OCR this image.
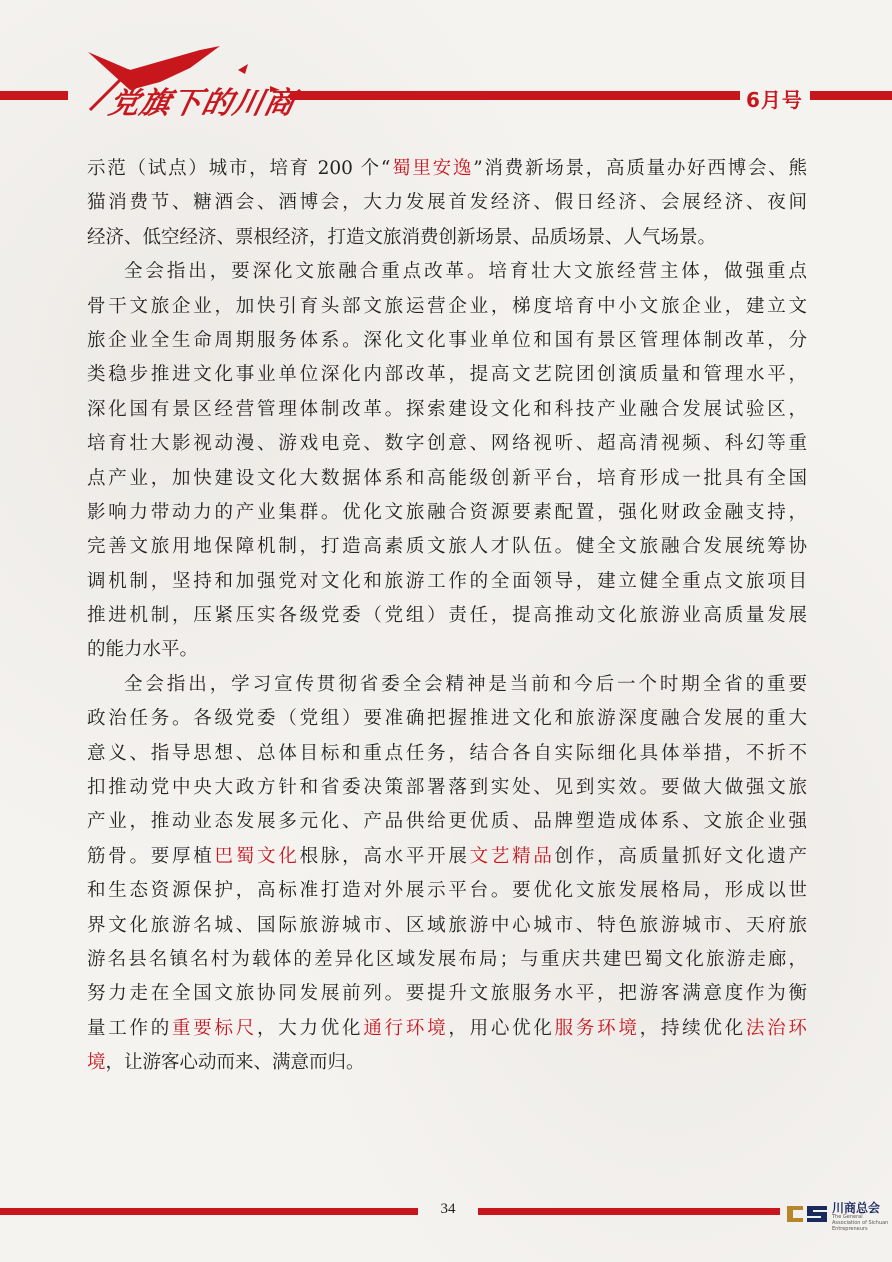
党旗下的川商	6月号
示范（试点）城市，培育 200 个“蜀里安逸”消费新场景，高质量办好西博会、熊
猫消费节、糖酒会、酒博会，大力发展首发经济、假日经济、会展经济、夜间
经济、低空经济、票根经济，打造文旅消费创新场景、品质场景、人气场景。
全会指出，要深化文旅融合重点改革。培育壮大文旅经营主体，做强重点
骨干文旅企业，加快引育头部文旅运营企业，梯度培育中小文旅企业，建立文
旅企业全生命周期服务体系。深化文化事业单位和国有景区管理体制改革，分
类稳步推进文化事业单位深化内部改革，提高文艺院团创演质量和管理水平，
深化国有景区经营管理体制改革。探索建设文化和科技产业融合发展试验区，
培育壮大影视动漫、游戏电竞、数字创意、网络视听、超高清视频、科幻等重
点产业，加快建设文化大数据体系和高能级创新平台，培育形成一批具有全国
影响力带动力的产业集群。优化文旅融合资源要素配置，强化财政金融支持，
完善文旅用地保障机制，打造高素质文旅人才队伍。健全文旅融合发展统筹协
调机制，坚持和加强党对文化和旅游工作的全面领导，建立健全重点文旅项目
推进机制，压紧压实各级党委（党组）责任，提高推动文化旅游业高质量发展
的能力水平。
全会指出，学习宣传贯彻省委全会精神是当前和今后一个时期全省的重要
政治任务。各级党委（党组）要准确把握推进文化和旅游深度融合发展的重大
意义、指导思想、总体目标和重点任务，结合各自实际细化具体举措，不折不
扣推动党中央大政方针和省委决策部署落到实处、见到实效。要做大做强文旅
产业，推动业态发展多元化、产品供给更优质、品牌塑造成体系、文旅企业强
筋骨。要厚植巴蜀文化根脉，高水平开展文艺精品创作，高质量抓好文化遗产
和生态资源保护，高标准打造对外展示平台。要优化文旅发展格局，形成以世
界文化旅游名城、国际旅游城市、区域旅游中心城市、特色旅游城市、天府旅
游名县名镇名村为载体的差异化区域发展布局；与重庆共建巴蜀文化旅游走廊，
努力走在全国文旅协同发展前列。要提升文旅服务水平，把游客满意度作为衡
量工作的重要标尺，大力优化通行环境，用心优化服务环境，持续优化法治环
境，让游客心动而来、满意而归。
34	川商总会
The General Association of Sichuan Entrepreneurs
